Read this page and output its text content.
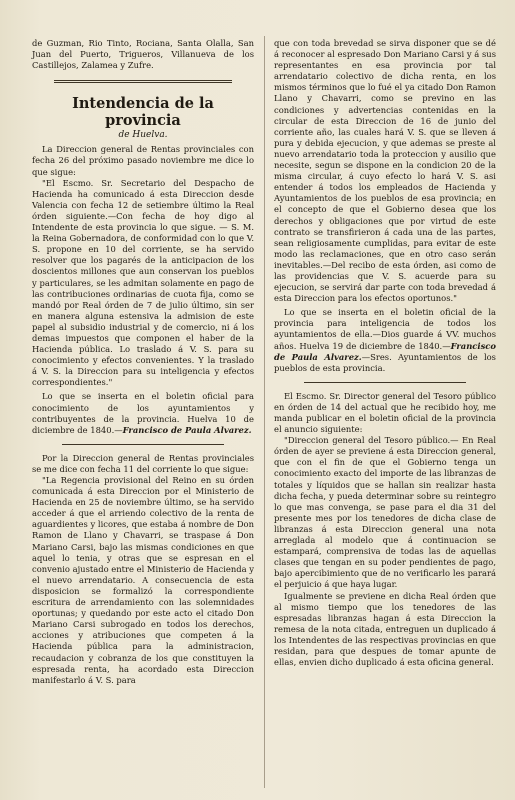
de Guzman, Rio Tinto, Rociana, Santa Olalla, San Juan del Puerto, Trigueros, Villanueva de los Castillejos, Zalamea y Zufre.

Intendencia de la provincia
de Huelva.

La Direccion general de Rentas provinciales con fecha 26 del próximo pasado noviembre me dice lo que sigue:

"El Escmo. Sr. Secretario del Despacho de Hacienda ha comunicado á esta Direccion desde Valencia con fecha 12 de setiembre último la Real órden siguiente.—Con fecha de hoy digo al Intendente de esta provincia lo que sigue. — S. M. la Reina Gobernadora, de conformidad con lo que V. S. propone en 10 del corriente, se ha servido resolver que los pagarés de la anticipacion de los doscientos millones que aun conservan los pueblos y particulares, se les admitan solamente en pago de las contribuciones ordinarias de cuota fija, como se mandó por Real órden de 7 de julio último, sin ser en manera alguna estensiva la admision de este papel al subsidio industrial y de comercio, ni á los demas impuestos que componen el haber de la Hacienda pública. Lo traslado á V. S. para su conocimiento y efectos convenientes. Y la traslado á V. S. la Direccion para su inteligencia y efectos correspondientes."

Lo que se inserta en el boletin oficial para conocimiento de los ayuntamientos y contribuyentes de la provincia. Huelva 10 de diciembre de 1840.—Francisco de Paula Alvarez.

Por la Direccion general de Rentas provinciales se me dice con fecha 11 del corriente lo que sigue:

"La Regencia provisional del Reino en su órden comunicada á esta Direccion por el Ministerio de Hacienda en 25 de noviembre último, se ha servido acceder á que el arriendo colectivo de la renta de aguardientes y licores, que estaba á nombre de Don Ramon de Llano y Chavarri, se traspase á Don Mariano Carsi, bajo las mismas condiciones en que aquel lo tenia, y otras que se espresan en el convenio ajustado entre el Ministerio de Hacienda y el nuevo arrendatario. A consecuencia de esta disposicion se formalizó la correspondiente escritura de arrendamiento con las solemnidades oportunas; y quedando por este acto el citado Don Mariano Carsi subrogado en todos los derechos, acciones y atribuciones que competen á la Hacienda pública para la administracion, recaudacion y cobranza de los que constituyen la espresada renta, ha acordado esta Direccion manifestarlo á V. S. para

que con toda brevedad se sirva disponer que se dé á reconocer al espresado Don Mariano Carsi y á sus representantes en esa provincia por tal arrendatario colectivo de dicha renta, en los mismos términos que lo fué el ya citado Don Ramon Llano y Chavarri, como se previno en las condiciones y advertencias contenidas en la circular de esta Direccion de 16 de junio del corriente año, las cuales hará V. S. que se lleven á pura y debida ejecucion, y que ademas se preste al nuevo arrendatario toda la proteccion y ausilio que necesite, segun se dispone en la condicion 20 de la misma circular, á cuyo efecto lo hará V. S. asi entender á todos los empleados de Hacienda y Ayuntamientos de los pueblos de esa provincia; en el concepto de que el Gobierno desea que los derechos y obligaciones que por virtud de este contrato se transfirieron á cada una de las partes, sean religiosamente cumplidas, para evitar de este modo las reclamaciones, que en otro caso serán inevitables.—Del recibo de esta órden, asi como de las providencias que V. S. acuerde para su ejecucion, se servirá dar parte con toda brevedad á esta Direccion para los efectos oportunos."

Lo que se inserta en el boletin oficial de la provincia para inteligencia de todos los ayuntamientos de ella.—Dios guarde á VV. muchos años. Huelva 19 de diciembre de 1840.—Francisco de Paula Alvarez.—Sres. Ayuntamientos de los pueblos de esta provincia.

El Escmo. Sr. Director general del Tesoro público en órden de 14 del actual que he recibido hoy, me manda publicar en el boletin oficial de la provincia el anuncio siguiente:

"Direccion general del Tesoro público.— En Real órden de ayer se previene á esta Direccion general, que con el fin de que el Gobierno tenga un conocimiento exacto del importe de las libranzas de totales y líquidos que se hallan sin realizar hasta dicha fecha, y pueda determinar sobre su reintegro lo que mas convenga, se pase para el dia 31 del presente mes por los tenedores de dicha clase de libranzas á esta Direccion general una nota arreglada al modelo que á continuacion se estampará, comprensiva de todas las de aquellas clases que tengan en su poder pendientes de pago, bajo apercibimiento que de no verificarlo les parará el perjuicio á que haya lugar.

Igualmente se previene en dicha Real órden que al mismo tiempo que los tenedores de las espresadas libranzas hagan á esta Direccion la remesa de la nota citada, entreguen un duplicado á los Intendentes de las respectivas provincias en que residan, para que despues de tomar apunte de ellas, envien dicho duplicado á esta oficina general.
